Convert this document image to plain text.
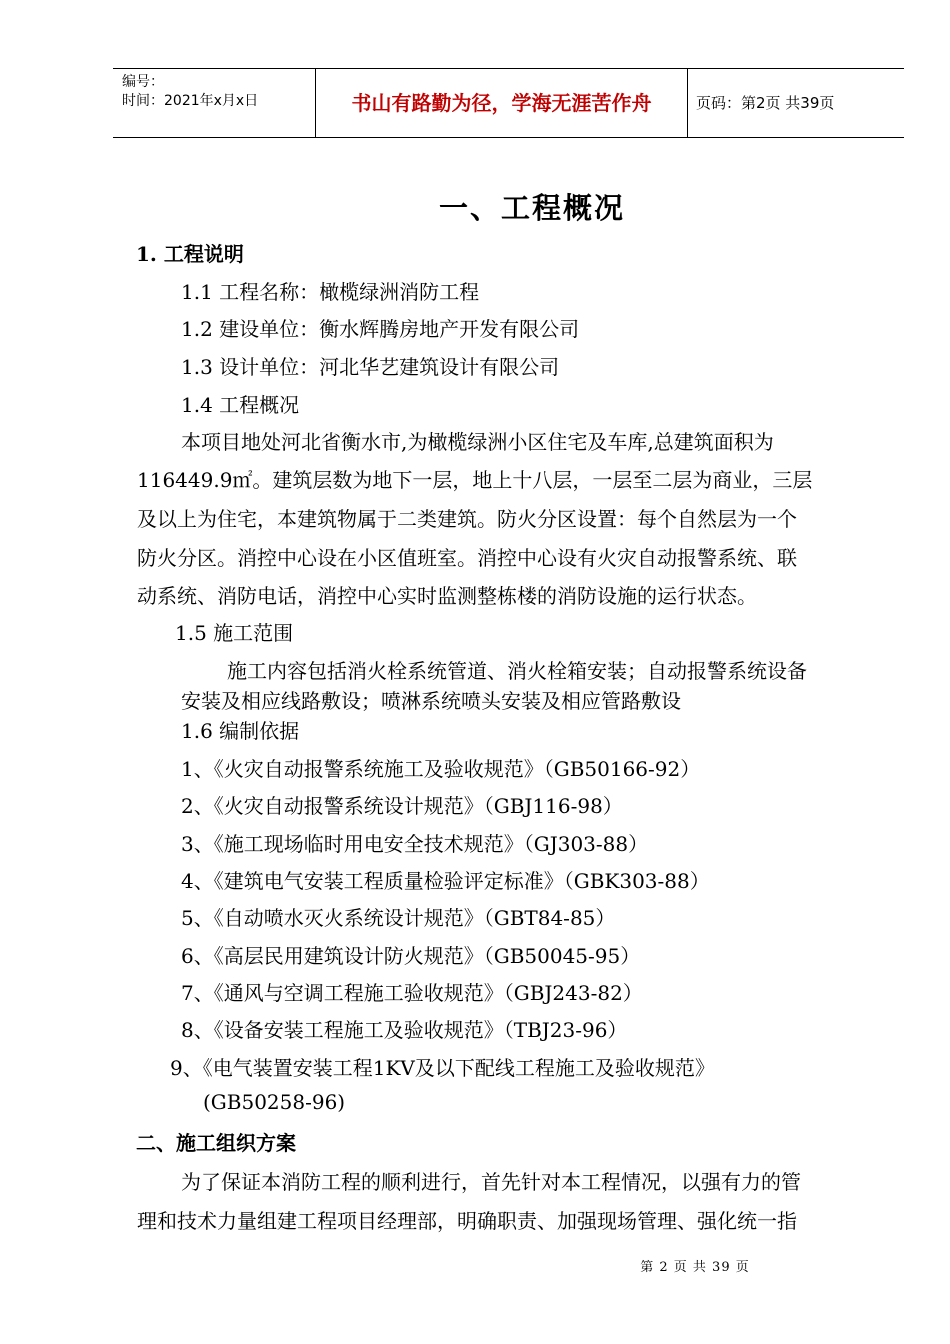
编号：
时间：2021年x月x日	书山有路勤为径，学海无涯苦作舟	页码：第2页 共39页
一、工程概况
1. 工程说明
1.1 工程名称：橄榄绿洲消防工程
1.2 建设单位：衡水辉腾房地产开发有限公司
1.3 设计单位：河北华艺建筑设计有限公司
1.4 工程概况
本项目地处河北省衡水市,为橄榄绿洲小区住宅及车库,总建筑面积为
116449.9㎡。建筑层数为地下一层，地上十八层，一层至二层为商业，三层
及以上为住宅，本建筑物属于二类建筑。防火分区设置：每个自然层为一个
防火分区。消控中心设在小区值班室。消控中心设有火灾自动报警系统、联
动系统、消防电话，消控中心实时监测整栋楼的消防设施的运行状态。
1.5 施工范围
施工内容包括消火栓系统管道、消火栓箱安装；自动报警系统设备
安装及相应线路敷设；喷淋系统喷头安装及相应管路敷设
1.6 编制依据
1、《火灾自动报警系统施工及验收规范》（GB50166-92）
2、《火灾自动报警系统设计规范》（GBJ116-98）
3、《施工现场临时用电安全技术规范》（GJ303-88）
4、《建筑电气安装工程质量检验评定标准》（GBK303-88）
5、《自动喷水灭火系统设计规范》（GBT84-85）
6、《高层民用建筑设计防火规范》（GB50045-95）
7、《通风与空调工程施工验收规范》（GBJ243-82）
8、《设备安装工程施工及验收规范》（TBJ23-96）
9、《电气装置安装工程1KV及以下配线工程施工及验收规范》
(GB50258-96)
二、施工组织方案
为了保证本消防工程的顺利进行，首先针对本工程情况，以强有力的管
理和技术力量组建工程项目经理部，明确职责、加强现场管理、强化统一指
第 2 页 共 39 页
